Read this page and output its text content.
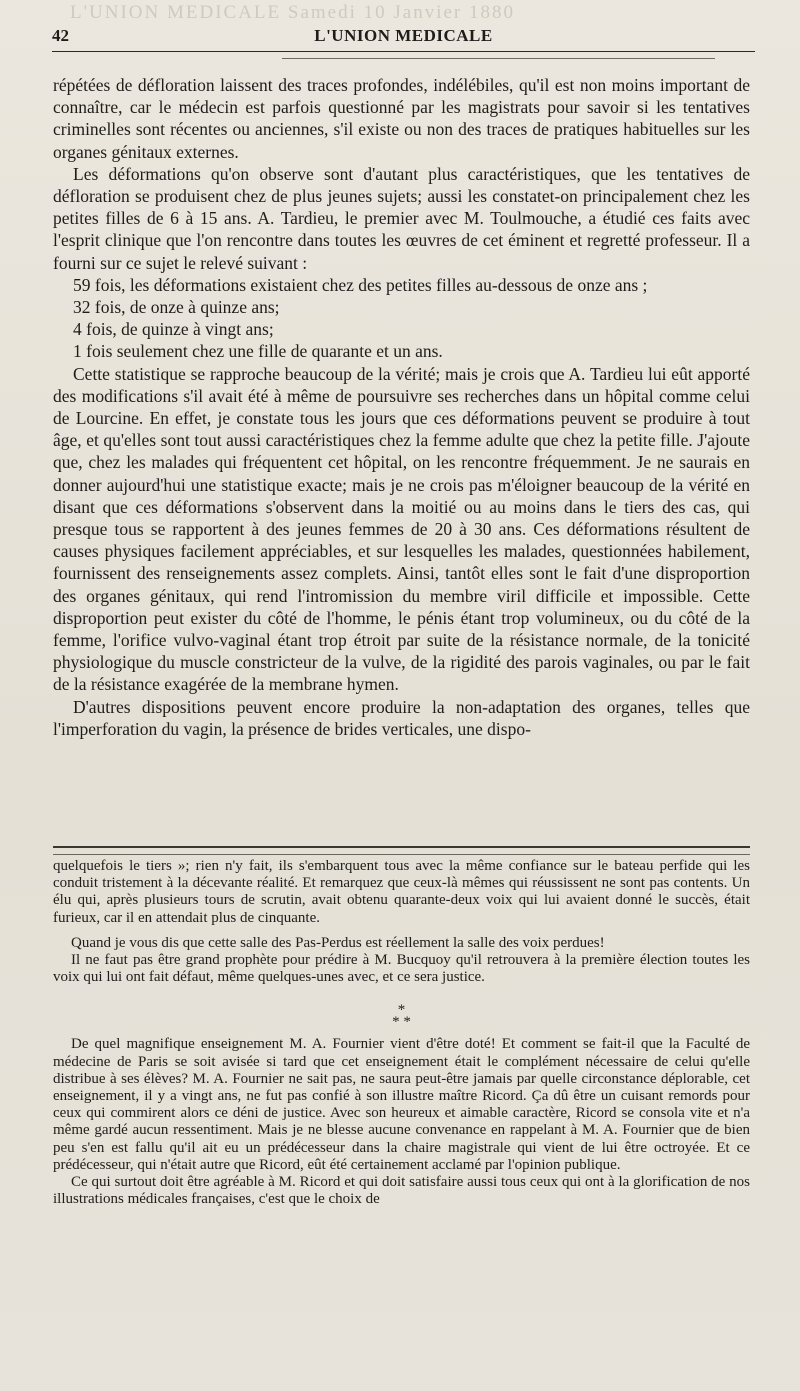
L'UNION MEDICALE Samedi 10 Janvier 1880
42	L'UNION MEDICALE

répétées de défloration laissent des traces profondes, indélébiles, qu'il est non moins important de connaître, car le médecin est parfois questionné par les magistrats pour savoir si les tentatives criminelles sont récentes ou anciennes, s'il existe ou non des traces de pratiques habituelles sur les organes génitaux externes.

Les déformations qu'on observe sont d'autant plus caractéristiques, que les tentatives de défloration se produisent chez de plus jeunes sujets; aussi les constatet-on principalement chez les petites filles de 6 à 15 ans. A. Tardieu, le premier avec M. Toulmouche, a étudié ces faits avec l'esprit clinique que l'on rencontre dans toutes les œuvres de cet éminent et regretté professeur. Il a fourni sur ce sujet le relevé suivant :

59 fois, les déformations existaient chez des petites filles au-dessous de onze ans ;
32 fois, de onze à quinze ans;
4 fois, de quinze à vingt ans;
1 fois seulement chez une fille de quarante et un ans.

Cette statistique se rapproche beaucoup de la vérité; mais je crois que A. Tardieu lui eût apporté des modifications s'il avait été à même de poursuivre ses recherches dans un hôpital comme celui de Lourcine. En effet, je constate tous les jours que ces déformations peuvent se produire à tout âge, et qu'elles sont tout aussi caractéristiques chez la femme adulte que chez la petite fille. J'ajoute que, chez les malades qui fréquentent cet hôpital, on les rencontre fréquemment. Je ne saurais en donner aujourd'hui une statistique exacte; mais je ne crois pas m'éloigner beaucoup de la vérité en disant que ces déformations s'observent dans la moitié ou au moins dans le tiers des cas, qui presque tous se rapportent à des jeunes femmes de 20 à 30 ans. Ces déformations résultent de causes physiques facilement appréciables, et sur lesquelles les malades, questionnées habilement, fournissent des renseignements assez complets. Ainsi, tantôt elles sont le fait d'une disproportion des organes génitaux, qui rend l'intromission du membre viril difficile et impossible. Cette disproportion peut exister du côté de l'homme, le pénis étant trop volumineux, ou du côté de la femme, l'orifice vulvo-vaginal étant trop étroit par suite de la résistance normale, de la tonicité physiologique du muscle constricteur de la vulve, de la rigidité des parois vaginales, ou par le fait de la résistance exagérée de la membrane hymen.

D'autres dispositions peuvent encore produire la non-adaptation des organes, telles que l'imperforation du vagin, la présence de brides verticales, une dispo-

quelquefois le tiers »; rien n'y fait, ils s'embarquent tous avec la même confiance sur le bateau perfide qui les conduit tristement à la décevante réalité. Et remarquez que ceux-là mêmes qui réussissent ne sont pas contents. Un élu qui, après plusieurs tours de scrutin, avait obtenu quarante-deux voix qui lui avaient donné le succès, était furieux, car il en attendait plus de cinquante.

Quand je vous dis que cette salle des Pas-Perdus est réellement la salle des voix perdues!

Il ne faut pas être grand prophète pour prédire à M. Bucquoy qu'il retrouvera à la première élection toutes les voix qui lui ont fait défaut, même quelques-unes avec, et ce sera justice.

*
* *

De quel magnifique enseignement M. A. Fournier vient d'être doté! Et comment se fait-il que la Faculté de médecine de Paris se soit avisée si tard que cet enseignement était le complément nécessaire de celui qu'elle distribue à ses élèves? M. A. Fournier ne sait pas, ne saura peut-être jamais par quelle circonstance déplorable, cet enseignement, il y a vingt ans, ne fut pas confié à son illustre maître Ricord. Ça dû être un cuisant remords pour ceux qui commirent alors ce déni de justice. Avec son heureux et aimable caractère, Ricord se consola vite et n'a même gardé aucun ressentiment. Mais je ne blesse aucune convenance en rappelant à M. A. Fournier que de bien peu s'en est fallu qu'il ait eu un prédécesseur dans la chaire magistrale qui vient de lui être octroyée. Et ce prédécesseur, qui n'était autre que Ricord, eût été certainement acclamé par l'opinion publique.

Ce qui surtout doit être agréable à M. Ricord et qui doit satisfaire aussi tous ceux qui ont à la glorification de nos illustrations médicales françaises, c'est que le choix de
